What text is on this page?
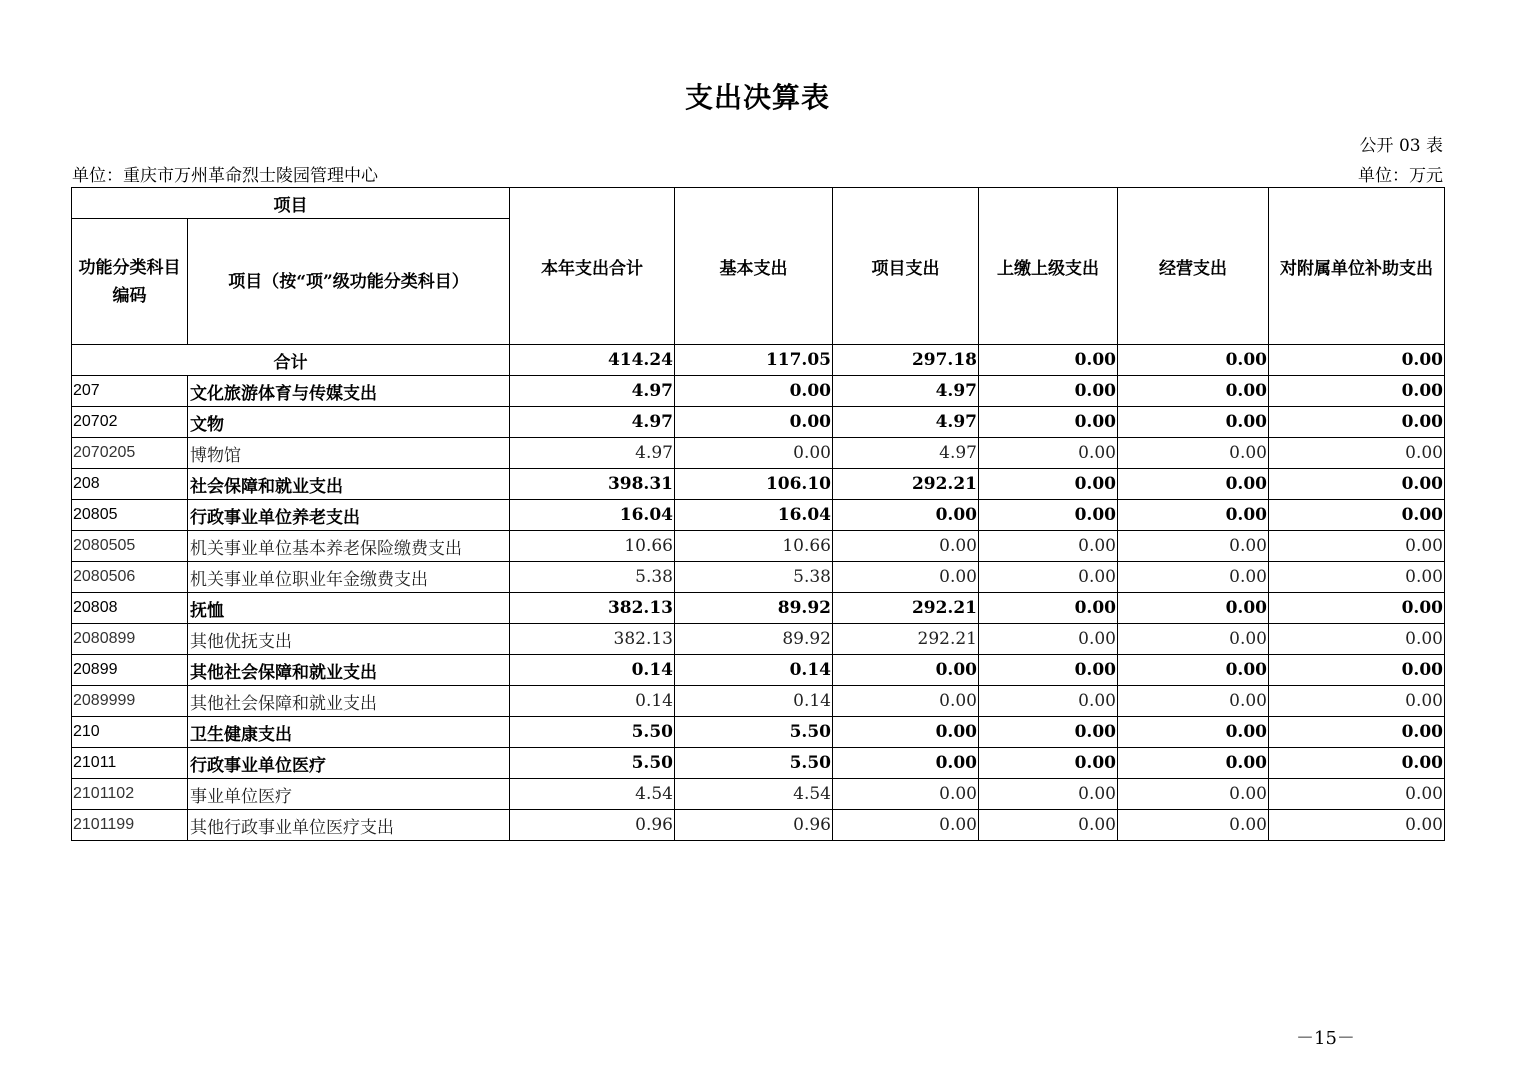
支出决算表
公开 03 表
单位：重庆市万州革命烈士陵园管理中心	单位：万元
项目		本年支出合计	基本支出	项目支出	上缴上级支出	经营支出	对附属单位补助支出
功能分类科目编码	项目（按“项”级功能分类科目）						
合计		414.24	117.05	297.18	0.00	0.00	0.00
207	文化旅游体育与传媒支出	4.97	0.00	4.97	0.00	0.00	0.00
20702	文物	4.97	0.00	4.97	0.00	0.00	0.00
2070205	博物馆	4.97	0.00	4.97	0.00	0.00	0.00
208	社会保障和就业支出	398.31	106.10	292.21	0.00	0.00	0.00
20805	行政事业单位养老支出	16.04	16.04	0.00	0.00	0.00	0.00
2080505	机关事业单位基本养老保险缴费支出	10.66	10.66	0.00	0.00	0.00	0.00
2080506	机关事业单位职业年金缴费支出	5.38	5.38	0.00	0.00	0.00	0.00
20808	抚恤	382.13	89.92	292.21	0.00	0.00	0.00
2080899	其他优抚支出	382.13	89.92	292.21	0.00	0.00	0.00
20899	其他社会保障和就业支出	0.14	0.14	0.00	0.00	0.00	0.00
2089999	其他社会保障和就业支出	0.14	0.14	0.00	0.00	0.00	0.00
210	卫生健康支出	5.50	5.50	0.00	0.00	0.00	0.00
21011	行政事业单位医疗	5.50	5.50	0.00	0.00	0.00	0.00
2101102	事业单位医疗	4.54	4.54	0.00	0.00	0.00	0.00
2101199	其他行政事业单位医疗支出	0.96	0.96	0.00	0.00	0.00	0.00
－15－
